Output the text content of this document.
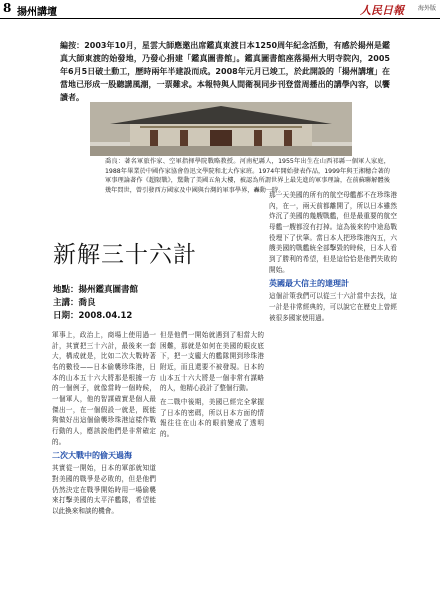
8 揚州講壇	人民日報 海外版

編按：2003年10月，星雲大師應邀出席鑑真東渡日本1250周年紀念活動，有感於揚州是鑑真大師東渡的始發地，乃發心捐建「鑑真圖書館」。鑑真圖書館座落揚州大明寺院內，2005年6月5日破土動工，歷時兩年半建設而成。2008年元月已竣工，於此開設的「揚州講壇」在當地已形成一股聽講風潮，一票難求。本報特與人間衛視同步刊登當周播出的講學內容，以饗讀者。

喬良：著名軍旅作家、空軍指揮學院戰略教授。河南杞縣人，1955年出生在山西祁縣一個軍人家庭，1988年畢業於中國作家協會魯迅文學院和北大作家班。1974年開始發表作品，1999年與王湘穗合著的軍事理論著作《超限戰》，驚動了美國五角大樓，被認為所謂世界上最先進的軍事理論，在前蘇聯解體後幾年問世，曾引發西方國家及中國與台灣的軍事學界，轟動一時。

新解三十六計
地點：揚州鑑真圖書館
主講：喬良
日期：2008.04.12

軍事上，政治上，商場上使用過一計，其實把三十六計，最後來一套大，構成就是，比如二次大戰時著名的數役——日本偷襲珍珠港，日本的山本五十六大將那是根據一方的一個例子，就像當時一個時候，一個軍人，他的智謀確實是個人最傑出一，在一個假設一就是，既能夠做好出這個偷襲珍珠港這樣作戰行動的人，應該說他們是非常確定的。

二次大戰中的偷天過海

其實從一開始，日本的軍部就知道對美國的戰爭是必敗的，但是他們仍然決定在戰爭開始時用一場偷襲來打擊美國的太平洋艦隊，希望能以此換來和談的機會。

但是他們一開始就遇到了相當大的困難，那就是如何在美國的眼皮底下，把一支龐大的艦隊開到珍珠港附近，而且還要不被發現。日本的山本五十六大將是一個非常有謀略的人，他精心設計了整個行動。

在二戰中後期，美國已經完全掌握了日本的密碼，所以日本方面的情報往往在山本的眼前變成了透明的。

那一天美國的所有的航空母艦都不在珍珠港內，在一，兩天前都離開了，所以日本雖然炸沉了美國的幾艘戰艦，但是最重要的航空母艦一艘都沒有打掉。這為後來的中途島戰役埋下了伏筆。當日本人把珍珠港內五，六艘美國的戰艦統全部擊毀的時候，日本人看到了勝利的希望，但是這恰恰是他們失敗的開始。

英國最大信主的達理計

這個計策我們可以從三十六計當中去找，這一計是非常經典的，可以說它在歷史上曾經被很多國家使用過。
